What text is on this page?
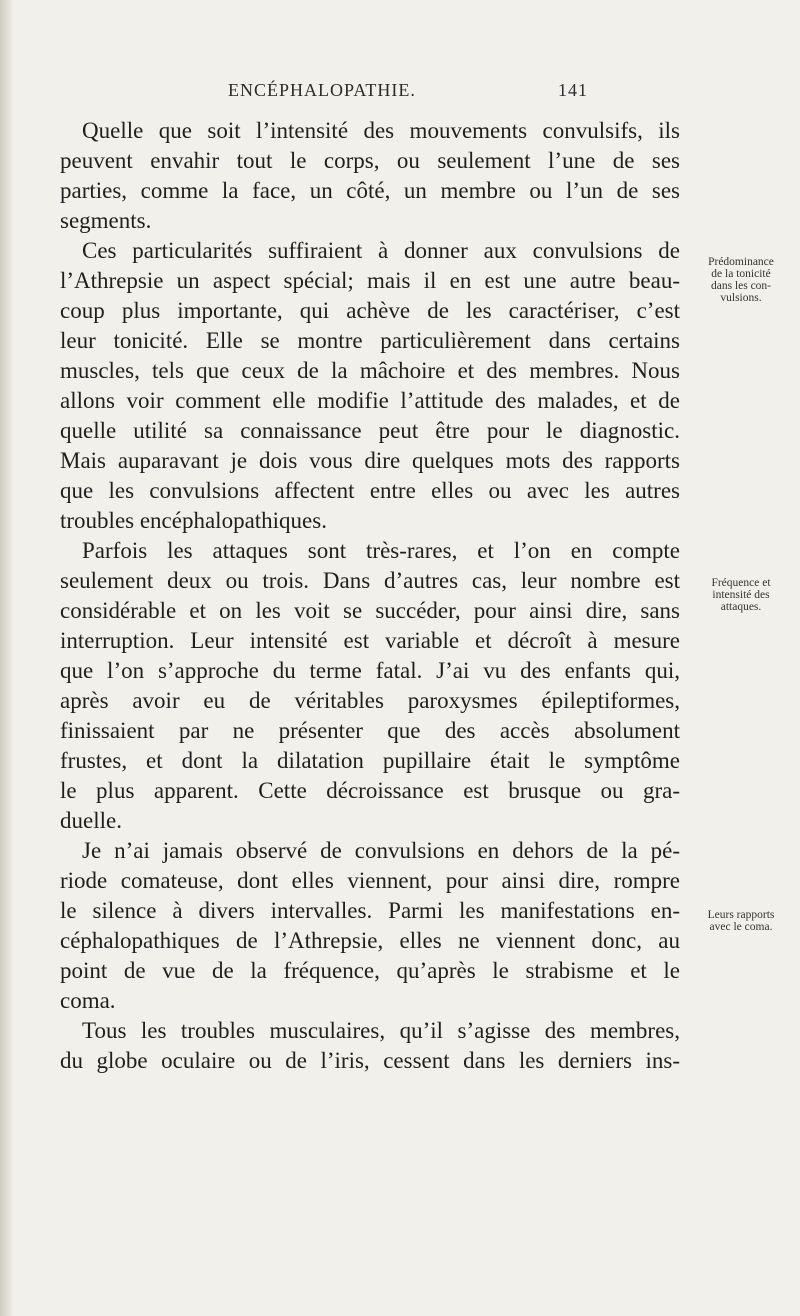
ENCÉPHALOPATHIE.	141
Quelle que soit l’intensité des mouvements convulsifs, ils
peuvent envahir tout le corps, ou seulement l’une de ses
parties, comme la face, un côté, un membre ou l’un de ses
segments.
Ces particularités suffiraient à donner aux convulsions de
l’Athrepsie un aspect spécial; mais il en est une autre beau-
coup plus importante, qui achève de les caractériser, c’est
leur tonicité. Elle se montre particulièrement dans certains
muscles, tels que ceux de la mâchoire et des membres. Nous
allons voir comment elle modifie l’attitude des malades, et de
quelle utilité sa connaissance peut être pour le diagnostic.
Mais auparavant je dois vous dire quelques mots des rapports
que les convulsions affectent entre elles ou avec les autres
troubles encéphalopathiques.
Parfois les attaques sont très-rares, et l’on en compte
seulement deux ou trois. Dans d’autres cas, leur nombre est
considérable et on les voit se succéder, pour ainsi dire, sans
interruption. Leur intensité est variable et décroît à mesure
que l’on s’approche du terme fatal. J’ai vu des enfants qui,
après avoir eu de véritables paroxysmes épileptiformes,
finissaient par ne présenter que des accès absolument
frustes, et dont la dilatation pupillaire était le symptôme
le plus apparent. Cette décroissance est brusque ou gra-
duelle.
Je n’ai jamais observé de convulsions en dehors de la pé-
riode comateuse, dont elles viennent, pour ainsi dire, rompre
le silence à divers intervalles. Parmi les manifestations en-
céphalopathiques de l’Athrepsie, elles ne viennent donc, au
point de vue de la fréquence, qu’après le strabisme et le
coma.
Tous les troubles musculaires, qu’il s’agisse des membres,
du globe oculaire ou de l’iris, cessent dans les derniers ins-
Prédominance
de la tonicité
dans les con-
vulsions.
Fréquence et
intensité des
attaques.
Leurs rapports
avec le coma.
